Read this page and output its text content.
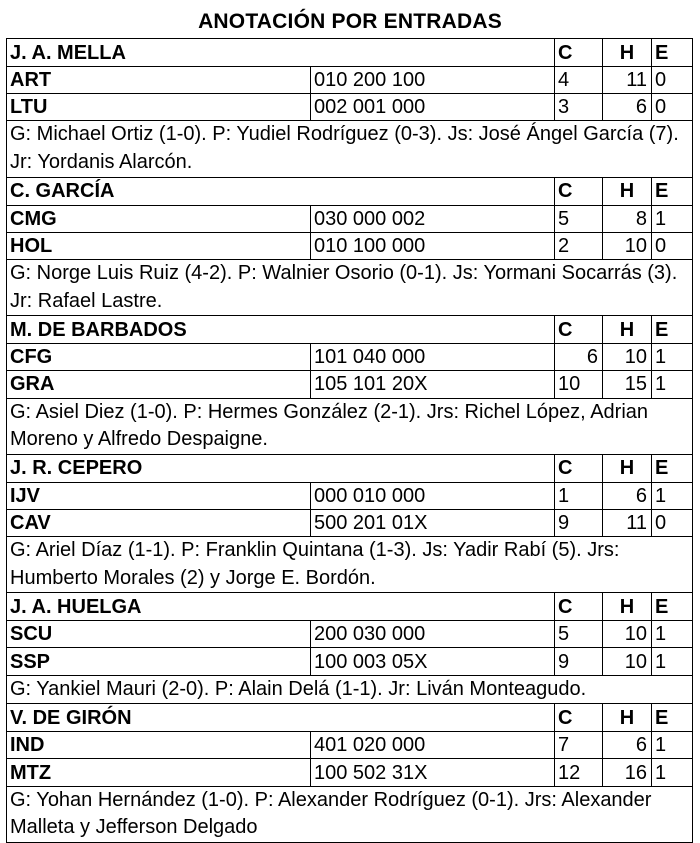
ANOTACIÓN POR ENTRADAS
J. A. MELLA		C	H	E
ART	010 200 100	4	11	0
LTU	002 001 000	3	6	0
G: Michael Ortiz (1-0). P: Yudiel Rodríguez (0-3). Js: José Ángel García (7). Jr: Yordanis Alarcón.				
C. GARCÍA		C	H	E
CMG	030 000 002	5	8	1
HOL	010 100 000	2	10	0
G: Norge Luis Ruiz (4-2). P: Walnier Osorio (0-1). Js: Yormani Socarrás (3). Jr: Rafael Lastre.				
M. DE BARBADOS		C	H	E
CFG	101 040 000	6	10	1
GRA	105 101 20X	10	15	1
G: Asiel Diez (1-0). P: Hermes González (2-1). Jrs: Richel López, Adrian Moreno y Alfredo Despaigne.				
J. R. CEPERO		C	H	E
IJV	000 010 000	1	6	1
CAV	500 201 01X	9	11	0
G: Ariel Díaz (1-1). P: Franklin Quintana (1-3). Js: Yadir Rabí (5). Jrs: Humberto Morales (2) y Jorge E. Bordón.				
J. A. HUELGA		C	H	E
SCU	200 030 000	5	10	1
SSP	100 003 05X	9	10	1
G: Yankiel Mauri (2-0). P: Alain Delá (1-1). Jr: Liván Monteagudo.				
V. DE GIRÓN		C	H	E
IND	401 020 000	7	6	1
MTZ	100 502 31X	12	16	1
G: Yohan Hernández (1-0). P: Alexander Rodríguez (0-1). Jrs: Alexander Malleta y Jefferson Delgado				
